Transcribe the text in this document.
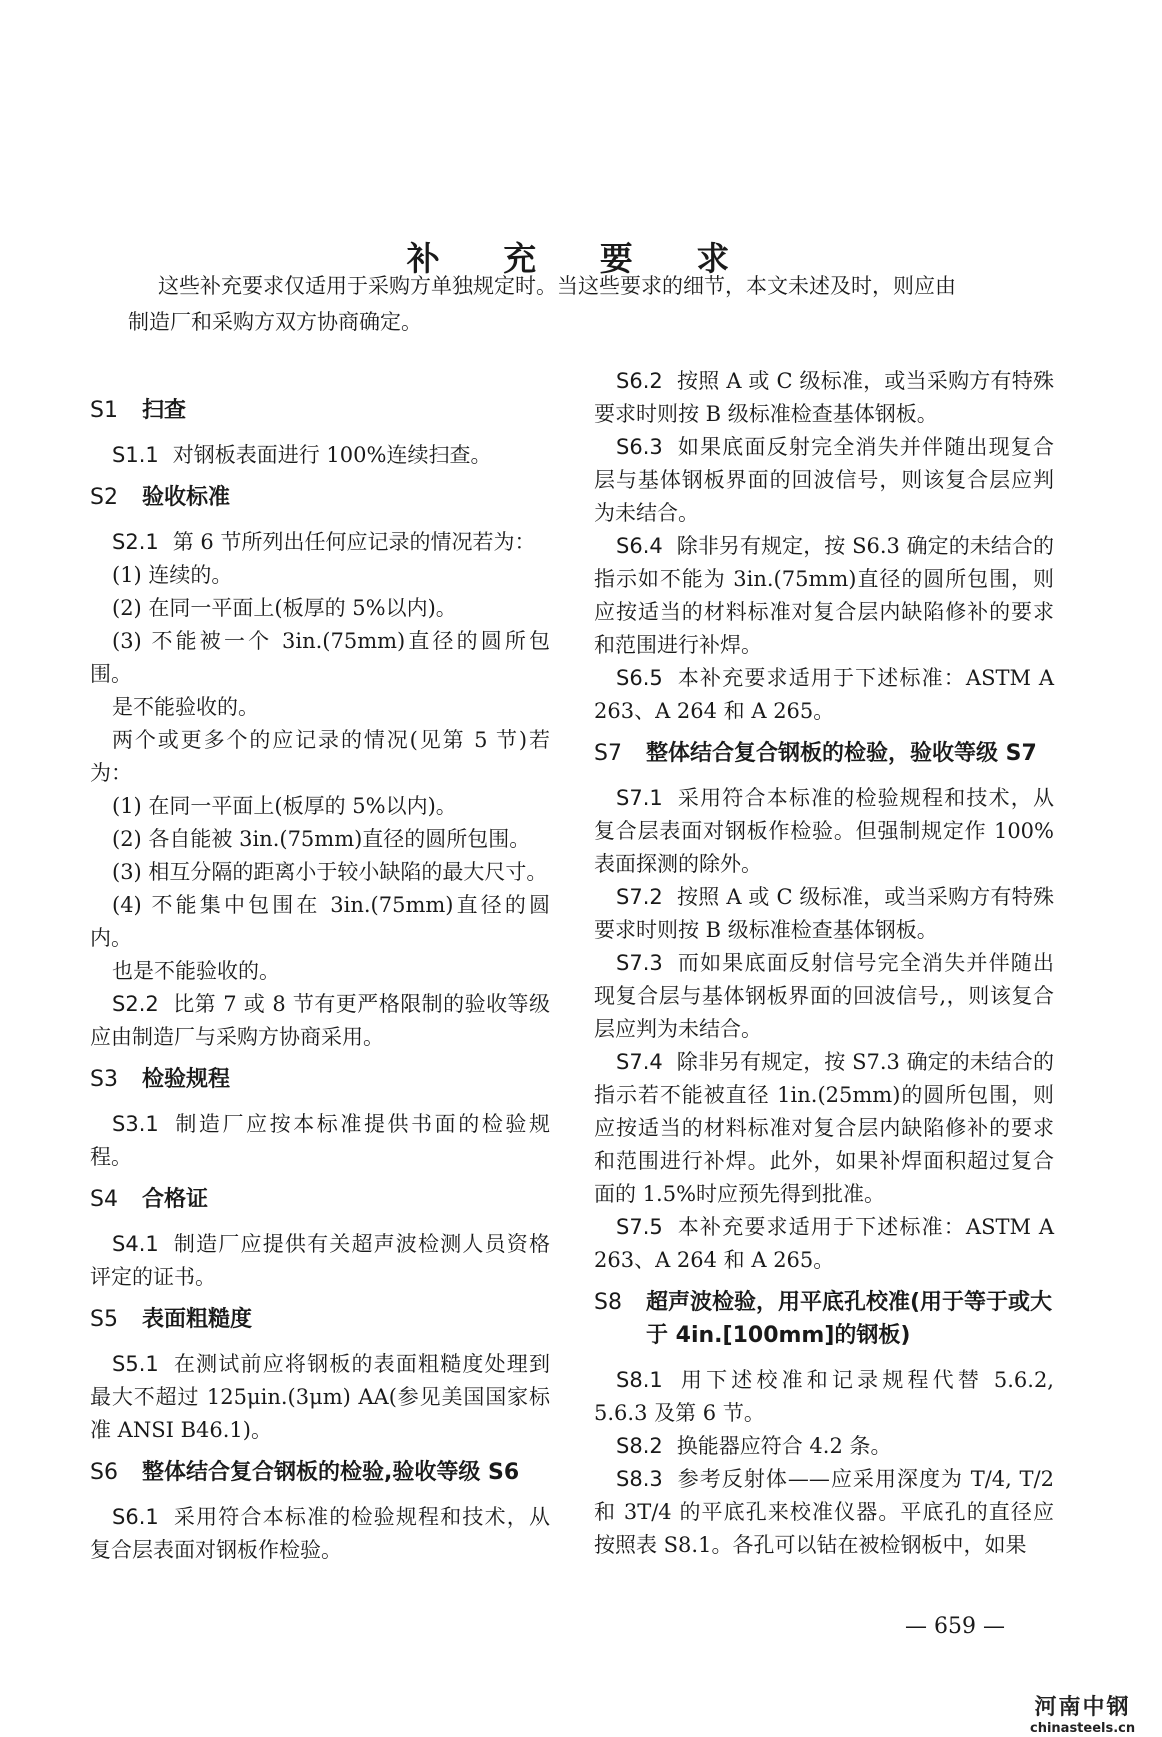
补 充 要 求

这些补充要求仅适用于采购方单独规定时。当这些要求的细节，本文未述及时，则应由

制造厂和采购方双方协商确定。

S1	扫查

S1.1 对钢板表面进行 100%连续扫查。

S2	验收标准

S2.1 第 6 节所列出任何应记录的情况若为：

(1) 连续的。

(2) 在同一平面上(板厚的 5%以内)。

(3) 不能被一个 3in.(75mm)直径的圆所包围。

是不能验收的。

两个或更多个的应记录的情况(见第 5 节)若为：

(1) 在同一平面上(板厚的 5%以内)。

(2) 各自能被 3in.(75mm)直径的圆所包围。

(3) 相互分隔的距离小于较小缺陷的最大尺寸。

(4) 不能集中包围在 3in.(75mm)直径的圆内。

也是不能验收的。

S2.2 比第 7 或 8 节有更严格限制的验收等级应由制造厂与采购方协商采用。

S3	检验规程

S3.1 制造厂应按本标准提供书面的检验规程。

S4	合格证

S4.1 制造厂应提供有关超声波检测人员资格评定的证书。

S5	表面粗糙度

S5.1 在测试前应将钢板的表面粗糙度处理到最大不超过 125μin.(3μm) AA(参见美国国家标准 ANSI B46.1)。

S6	整体结合复合钢板的检验,验收等级 S6

S6.1 采用符合本标准的检验规程和技术，从复合层表面对钢板作检验。

S6.2 按照 A 或 C 级标准，或当采购方有特殊要求时则按 B 级标准检查基体钢板。

S6.3 如果底面反射完全消失并伴随出现复合层与基体钢板界面的回波信号，则该复合层应判为未结合。

S6.4 除非另有规定，按 S6.3 确定的未结合的指示如不能为 3in.(75mm)直径的圆所包围，则应按适当的材料标准对复合层内缺陷修补的要求和范围进行补焊。

S6.5 本补充要求适用于下述标准：ASTM A 263、A 264 和 A 265。

S7	整体结合复合钢板的检验，验收等级 S7

S7.1 采用符合本标准的检验规程和技术，从复合层表面对钢板作检验。但强制规定作 100%表面探测的除外。

S7.2 按照 A 或 C 级标准，或当采购方有特殊要求时则按 B 级标准检查基体钢板。

S7.3 而如果底面反射信号完全消失并伴随出现复合层与基体钢板界面的回波信号,，则该复合层应判为未结合。

S7.4 除非另有规定，按 S7.3 确定的未结合的指示若不能被直径 1in.(25mm)的圆所包围，则应按适当的材料标准对复合层内缺陷修补的要求和范围进行补焊。此外，如果补焊面积超过复合面的 1.5%时应预先得到批准。

S7.5 本补充要求适用于下述标准：ASTM A 263、A 264 和 A 265。

S8	超声波检验，用平底孔校准(用于等于或大于 4in.[100mm]的钢板)

S8.1 用下述校准和记录规程代替 5.6.2, 5.6.3 及第 6 节。

S8.2 换能器应符合 4.2 条。

S8.3 参考反射体——应采用深度为 T/4, T/2 和 3T/4 的平底孔来校准仪器。平底孔的直径应按照表 S8.1。各孔可以钻在被检钢板中，如果

— 659 —
河南中钢
chinasteels.cn
